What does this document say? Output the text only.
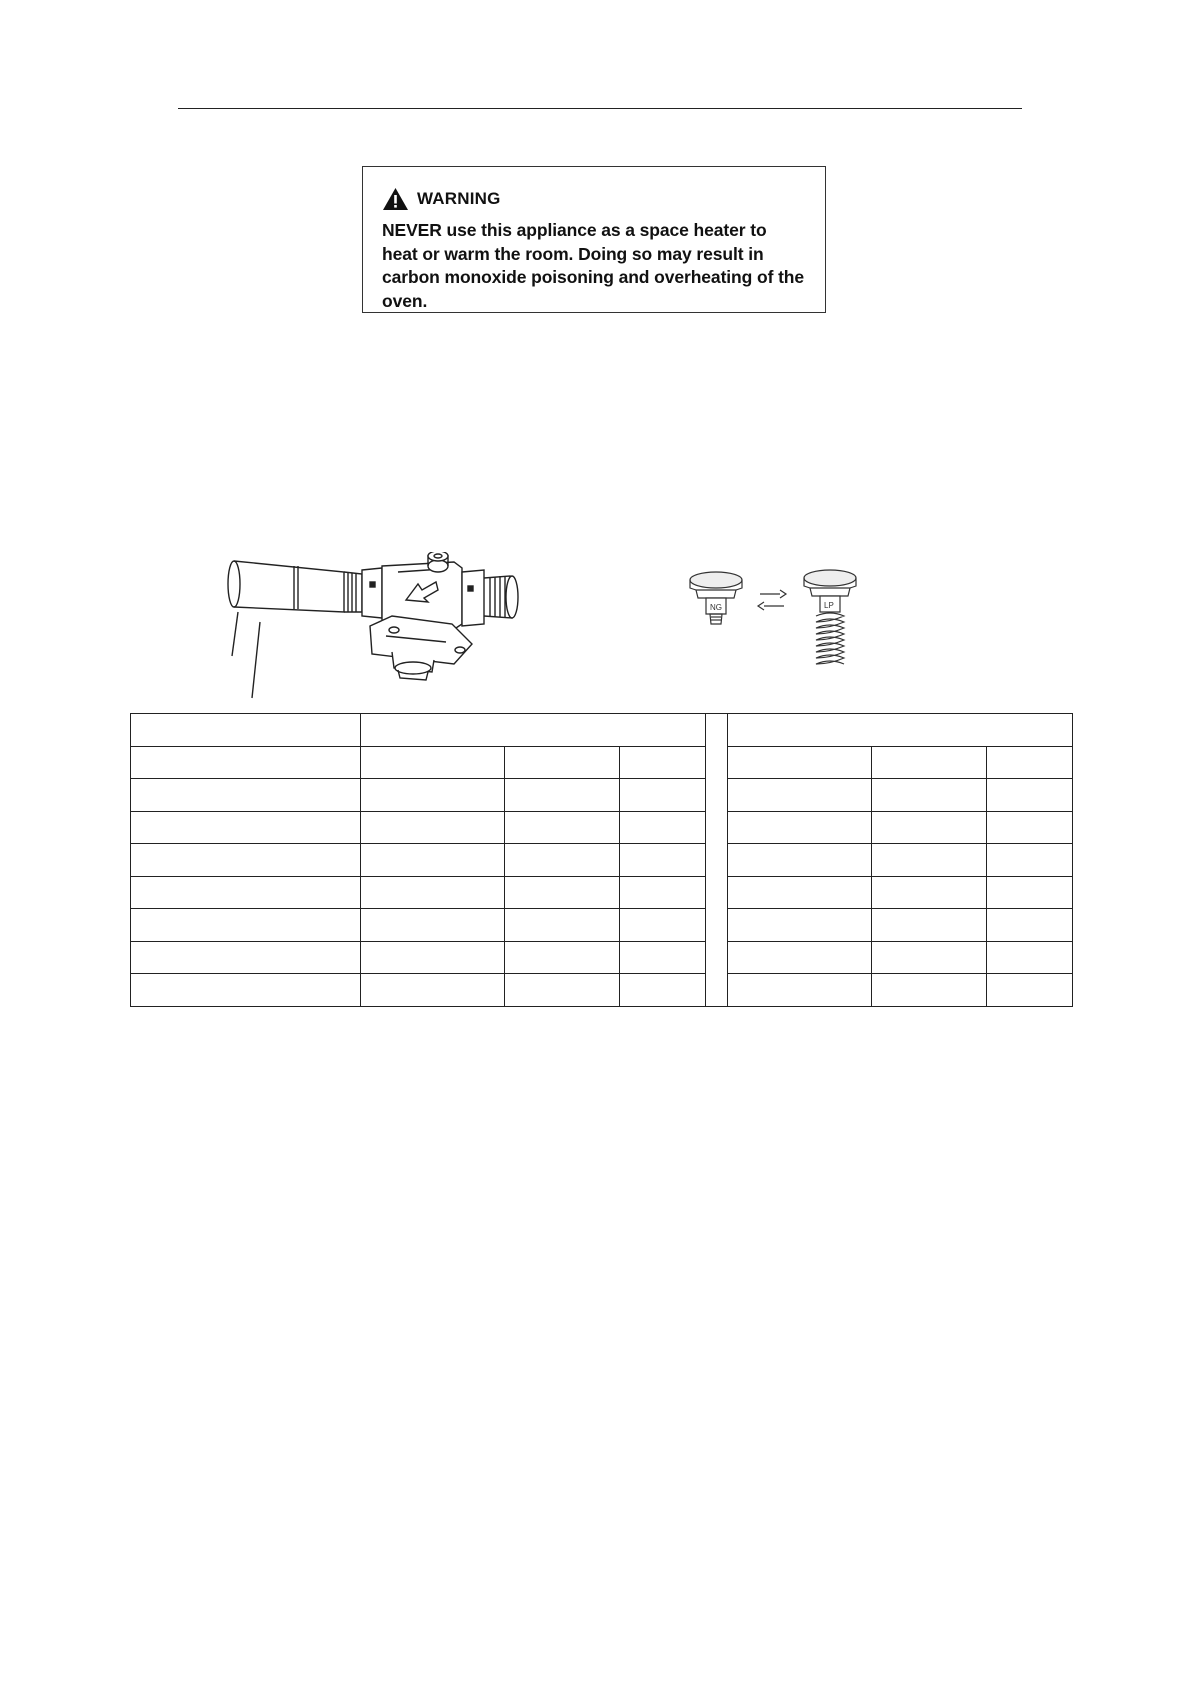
WARNING
NEVER use this appliance as a space heater to heat or warm the room. Doing so may result in carbon monoxide poisoning and overheating of the oven.
NG	LP
